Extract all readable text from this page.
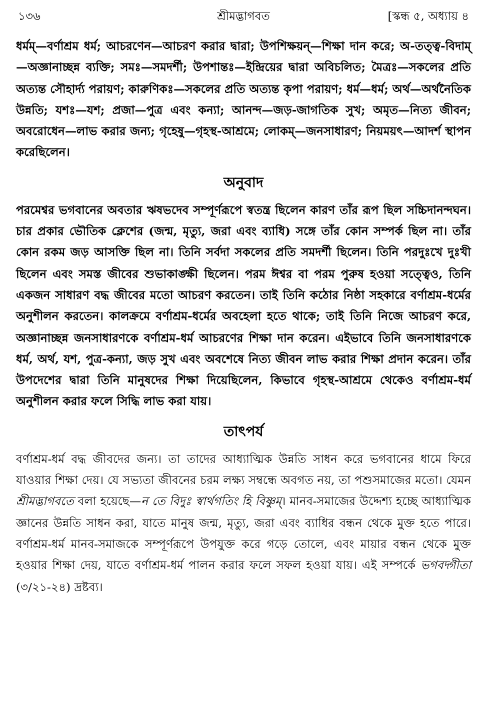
১৩৬	শ্রীমদ্ভাগবত	[স্কন্ধ ৫, অধ্যায় ৪

ধর্মম্—বর্ণাশ্রম ধর্ম; আচরণেন—আচরণ করার দ্বারা; উপশিক্ষয়ন্—শিক্ষা দান করে; অ-তত্ত্ব-বিদাম্—অজ্ঞানাচ্ছন্ন ব্যক্তি; সমঃ—সমদর্শী; উপশান্তঃ—ইন্দ্রিয়ের দ্বারা অবিচলিত; মৈত্রঃ—সকলের প্রতি অত্যন্ত সৌহার্দ্য পরায়ণ; কারুণিকঃ—সকলের প্রতি অত্যন্ত কৃপা পরায়ণ; ধর্ম—ধর্ম; অর্থ—অর্থনৈতিক উন্নতি; যশঃ—যশ; প্রজা—পুত্র এবং কন্যা; আনন্দ—জড়-জাগতিক সুখ; অমৃত—নিত্য জীবন; অবরোধেন—লাভ করার জন্য; গৃহেষু—গৃহস্থ-আশ্রমে; লোকম্—জনসাধারণ; নিয়ময়ৎ—আদর্শ স্থাপন করেছিলেন।

অনুবাদ

পরমেশ্বর ভগবানের অবতার ঋষভদেব সম্পূর্ণরূপে স্বতন্ত্র ছিলেন কারণ তাঁর রূপ ছিল সচ্চিদানন্দঘন। চার প্রকার ভৌতিক ক্লেশের (জন্ম, মৃত্যু, জরা এবং ব্যাধি) সঙ্গে তাঁর কোন সম্পর্ক ছিল না। তাঁর কোন রকম জড় আসক্তি ছিল না। তিনি সর্বদা সকলের প্রতি সমদর্শী ছিলেন। তিনি পরদুঃখে দুঃখী ছিলেন এবং সমস্ত জীবের শুভাকাঙ্ক্ষী ছিলেন। পরম ঈশ্বর বা পরম পুরুষ হওয়া সত্ত্বেও, তিনি একজন সাধারণ বদ্ধ জীবের মতো আচরণ করতেন। তাই তিনি কঠোর নিষ্ঠা সহকারে বর্ণাশ্রম-ধর্মের অনুশীলন করতেন। কালক্রমে বর্ণাশ্রম-ধর্মের অবহেলা হতে থাকে; তাই তিনি নিজে আচরণ করে, অজ্ঞানাচ্ছন্ন জনসাধারণকে বর্ণাশ্রম-ধর্ম আচরণের শিক্ষা দান করেন। এইভাবে তিনি জনসাধারণকে ধর্ম, অর্থ, যশ, পুত্র-কন্যা, জড় সুখ এবং অবশেষে নিত্য জীবন লাভ করার শিক্ষা প্রদান করেন। তাঁর উপদেশের দ্বারা তিনি মানুষদের শিক্ষা দিয়েছিলেন, কিভাবে গৃহস্থ-আশ্রমে থেকেও বর্ণাশ্রম-ধর্ম অনুশীলন করার ফলে সিদ্ধি লাভ করা যায়।

তাৎপর্য

বর্ণাশ্রম-ধর্ম বদ্ধ জীবদের জন্য। তা তাদের আধ্যাত্মিক উন্নতি সাধন করে ভগবানের ধামে ফিরে যাওয়ার শিক্ষা দেয়। যে সভ্যতা জীবনের চরম লক্ষ্য সম্বন্ধে অবগত নয়, তা পশুসমাজের মতো। যেমন শ্রীমদ্ভাগবতে বলা হয়েছে—ন তে বিদুঃ স্বার্থগতিং হি বিষ্ণুম্। মানব-সমাজের উদ্দেশ্য হচ্ছে আধ্যাত্মিক জ্ঞানের উন্নতি সাধন করা, যাতে মানুষ জন্ম, মৃত্যু, জরা এবং ব্যাধির বন্ধন থেকে মুক্ত হতে পারে। বর্ণাশ্রম-ধর্ম মানব-সমাজকে সম্পূর্ণরূপে উপযুক্ত করে গড়ে তোলে, এবং মায়ার বন্ধন থেকে মুক্ত হওয়ার শিক্ষা দেয়, যাতে বর্ণাশ্রম-ধর্ম পালন করার ফলে সফল হওয়া যায়। এই সম্পর্কে ভগবদ্গীতা (৩/২১-২৪) দ্রষ্টব্য।
